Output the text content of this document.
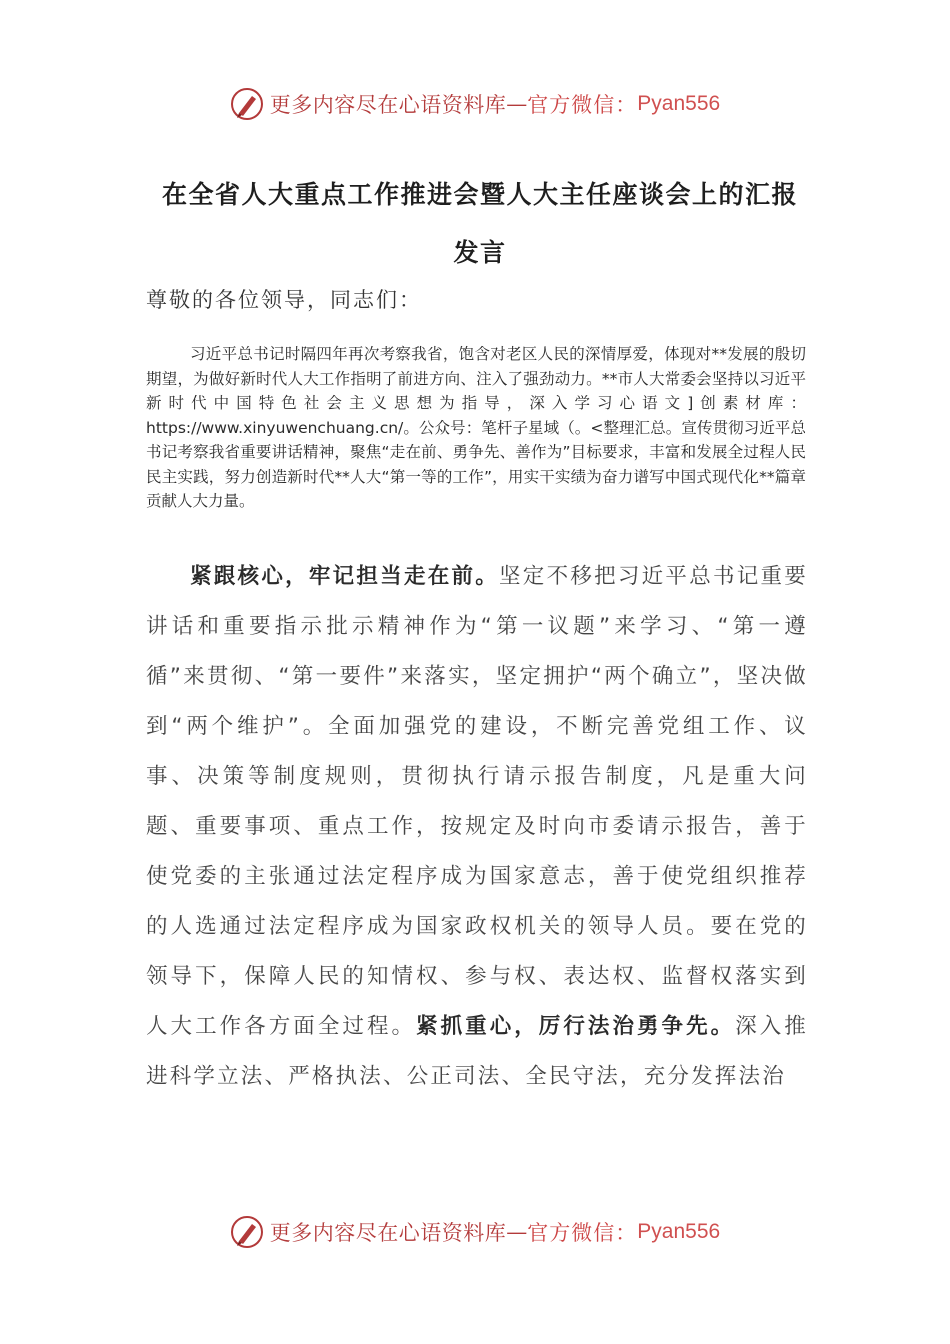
更多内容尽在心语资料库 — 官方微信： Pyan556
在全省人大重点工作推进会暨人大主任座谈会上的汇报发言
尊敬的各位领导，同志们：
习近平总书记时隔四年再次考察我省，饱含对老区人民的深情厚爱，体现对**发展的殷切期望，为做好新时代人大工作指明了前进方向、注入了强劲动力。**市人大常委会坚持以习近平新时代中国特色社会主义思想为指导，深入学习心语文]创素材库：https://www.xinyuwenchuang.cn/。公众号：笔杆子星域（。<整理汇总。宣传贯彻习近平总书记考察我省重要讲话精神，聚焦“走在前、勇争先、善作为”目标要求，丰富和发展全过程人民民主实践，努力创造新时代**人大“第一等的工作”，用实干实绩为奋力谱写中国式现代化**篇章贡献人大力量。
紧跟核心，牢记担当走在前。坚定不移把习近平总书记重要讲话和重要指示批示精神作为“第一议题”来学习、“第一遵循”来贯彻、“第一要件”来落实，坚定拥护“两个确立”，坚决做到“两个维护”。全面加强党的建设，不断完善党组工作、议事、决策等制度规则，贯彻执行请示报告制度，凡是重大问题、重要事项、重点工作，按规定及时向市委请示报告，善于使党委的主张通过法定程序成为国家意志，善于使党组织推荐的人选通过法定程序成为国家政权机关的领导人员。要在党的领导下，保障人民的知情权、参与权、表达权、监督权落实到人大工作各方面全过程。紧抓重心，厉行法治勇争先。深入推进科学立法、严格执法、公正司法、全民守法，充分发挥法治
更多内容尽在心语资料库 — 官方微信： Pyan556
